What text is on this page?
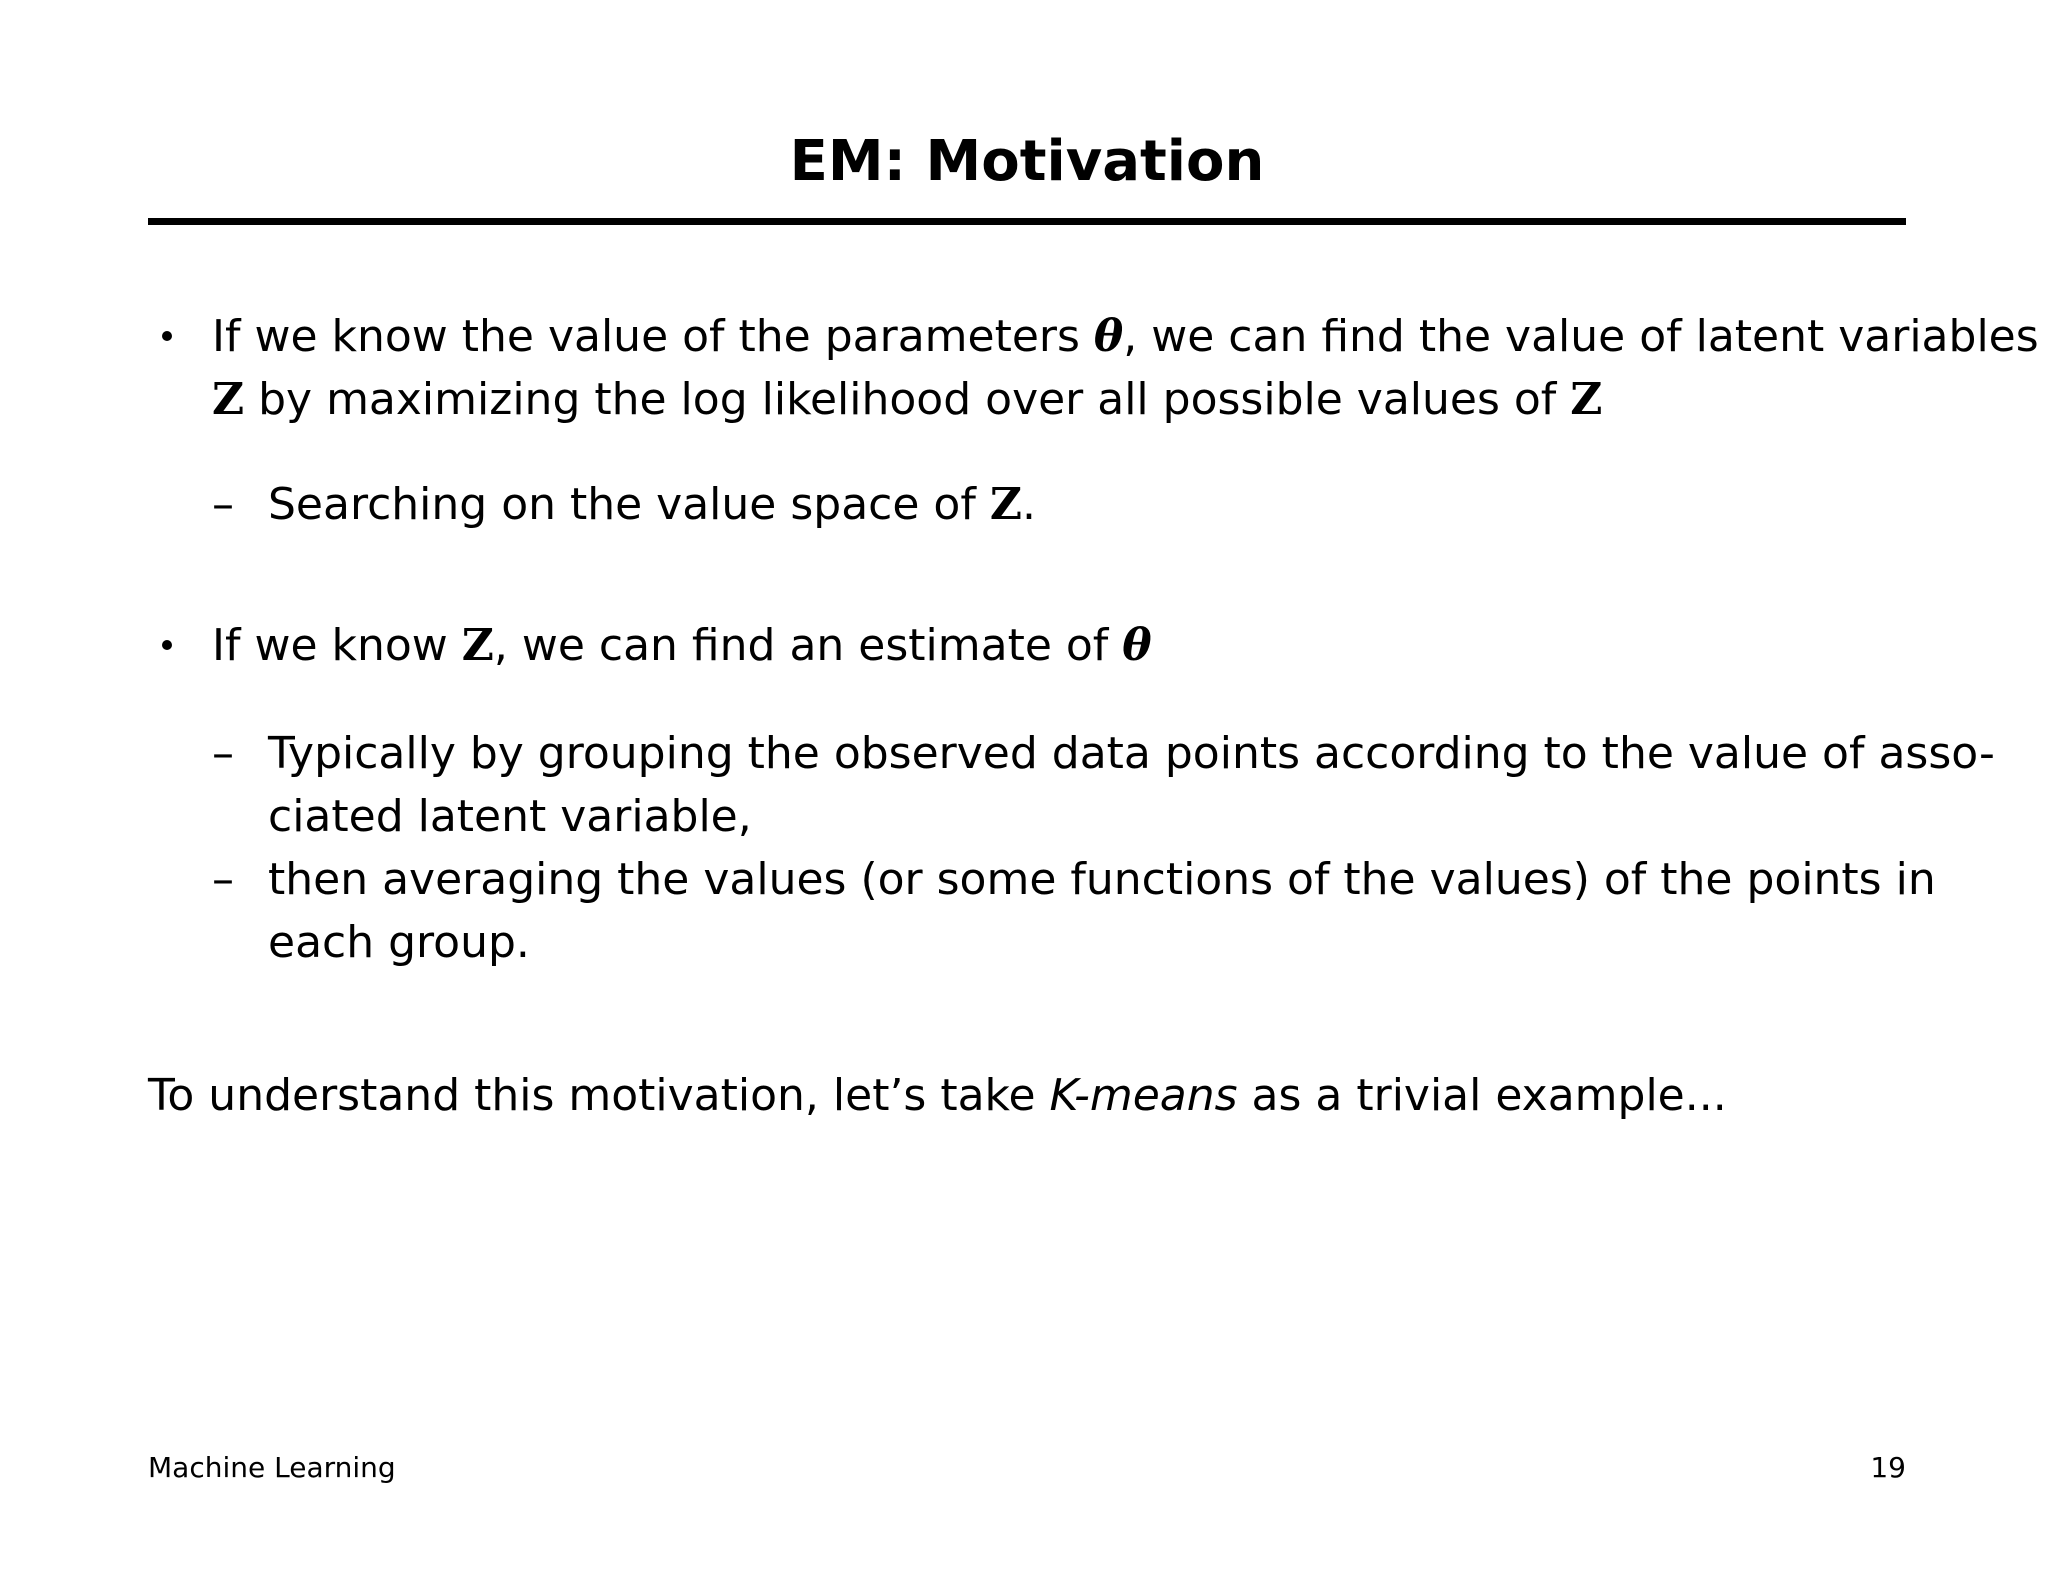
EM: Motivation
If we know the value of the parameters θ, we can find the value of latent variables
Z by maximizing the log likelihood over all possible values of Z
– Searching on the value space of Z.
If we know Z, we can find an estimate of θ
– Typically by grouping the observed data points according to the value of asso-
ciated latent variable,
– then averaging the values (or some functions of the values) of the points in
each group.
To understand this motivation, let’s take K-means as a trivial example...
Machine Learning	19
